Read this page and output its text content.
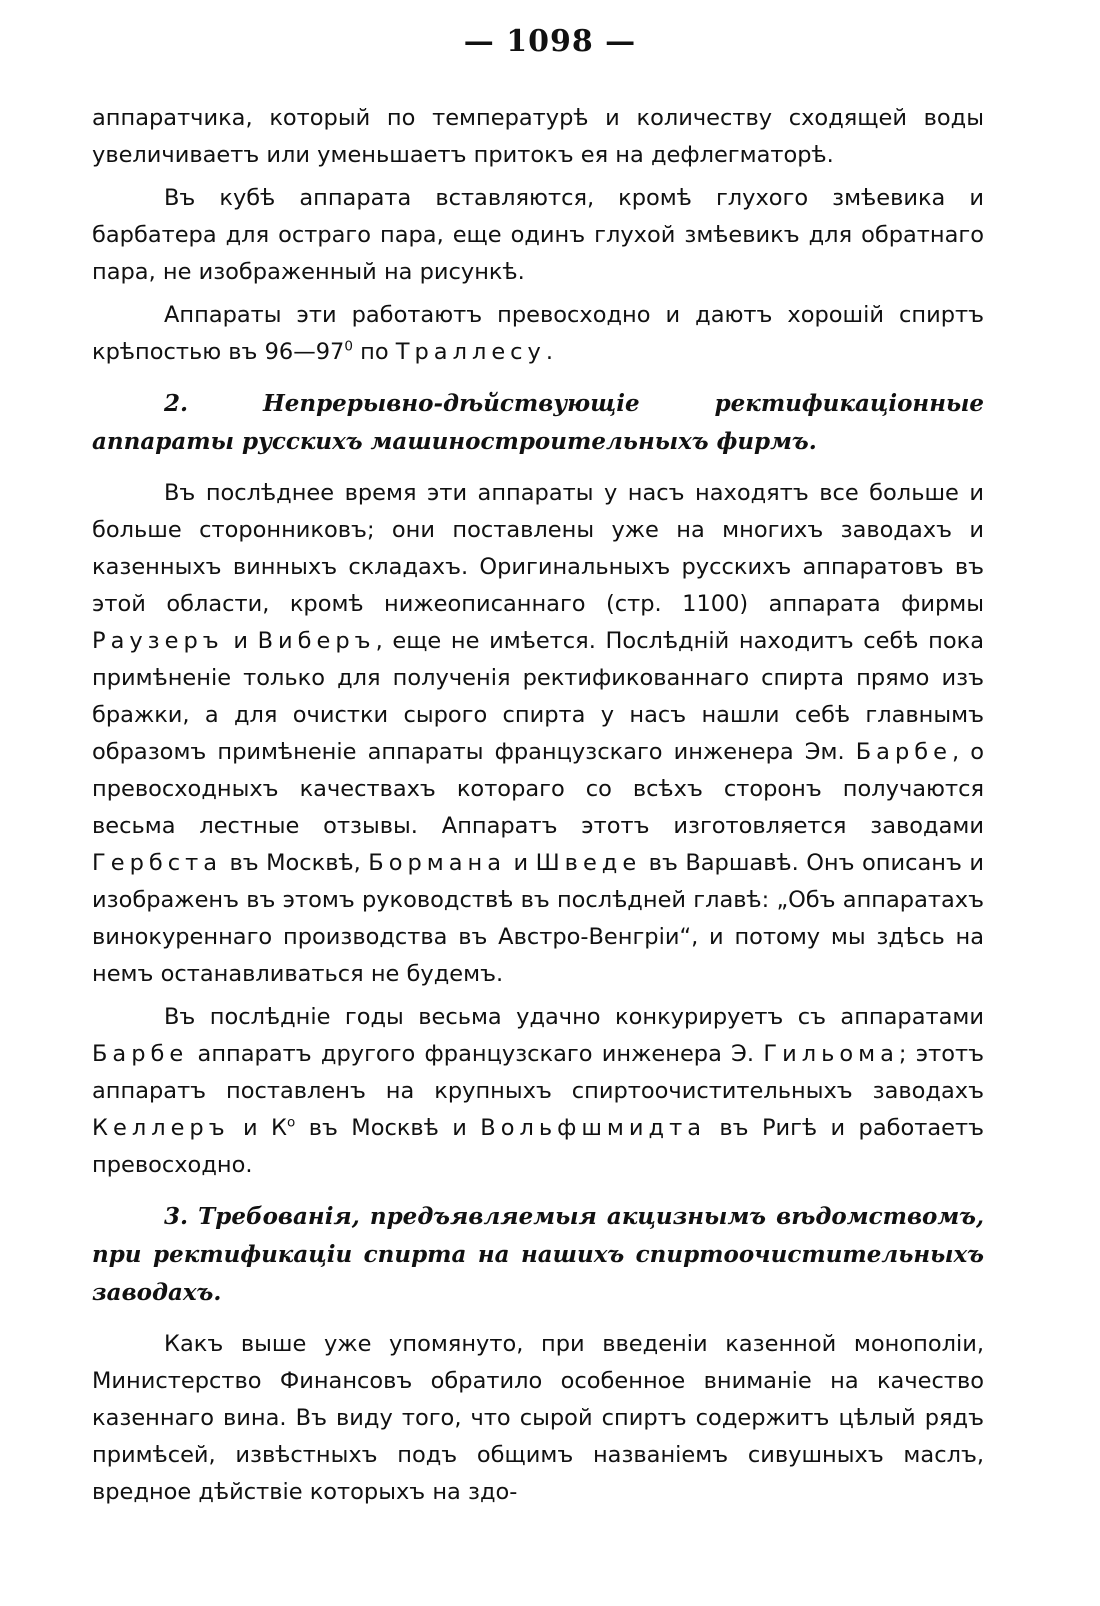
— 1098 —

аппаратчика, который по температурѣ и количеству сходящей воды увеличиваетъ или уменьшаетъ притокъ ея на дефлегматорѣ.

Въ кубѣ аппарата вставляются, кромѣ глухого змѣевика и барбатера для остраго пара, еще одинъ глухой змѣевикъ для обратнаго пара, не изображенный на рисункѣ.

Аппараты эти работаютъ превосходно и даютъ хорошiй спиртъ крѣпостью въ $96—97^0$ по Траллесу.

2. Непрерывно-дѣйствующiе ректификацiонные аппараты русскихъ машиностроительныхъ фирмъ.

Въ послѣднее время эти аппараты у насъ находятъ все больше и больше сторонниковъ; они поставлены уже на многихъ заводахъ и казенныхъ винныхъ складахъ. Оригинальныхъ русскихъ аппаратовъ въ этой области, кромѣ нижеописаннаго (стр. 1100) аппарата фирмы Раузеръ и Виберъ, еще не имѣется. Послѣднiй находитъ себѣ пока примѣненiе только для полученiя ректификованнаго спирта прямо изъ бражки, а для очистки сырого спирта у насъ нашли себѣ главнымъ образомъ примѣненiе аппараты французскаго инженера Эм. Барбе, о превосходныхъ качествахъ котораго со всѣхъ сторонъ получаются весьма лестные отзывы. Аппаратъ этотъ изготовляется заводами Гербста въ Москвѣ, Бормана и Шведе въ Варшавѣ. Онъ описанъ и изображенъ въ этомъ руководствѣ въ послѣдней главѣ: „Объ аппаратахъ винокуреннаго производства въ Австро-Венгрiи“, и потому мы здѣсь на немъ останавливаться не будемъ.

Въ послѣднiе годы весьма удачно конкурируетъ съ аппаратами Барбе аппаратъ другого французскаго инженера Э. Гильома; этотъ аппаратъ поставленъ на крупныхъ спиртоочистительныхъ заводахъ Келлеръ и $К^о$ въ Москвѣ и Вольфшмидта въ Ригѣ и работаетъ превосходно.

3. Требованiя, предъявляемыя акцизнымъ вѣдомствомъ, при ректификацiи спирта на нашихъ спиртоочистительныхъ заводахъ.

Какъ выше уже упомянуто, при введенiи казенной монополiи, Министерство Финансовъ обратило особенное вниманiе на качество казеннаго вина. Въ виду того, что сырой спиртъ содержитъ цѣлый рядъ примѣсей, извѣстныхъ подъ общимъ названiемъ сивушныхъ маслъ, вредное дѣйствiе которыхъ на здо-
